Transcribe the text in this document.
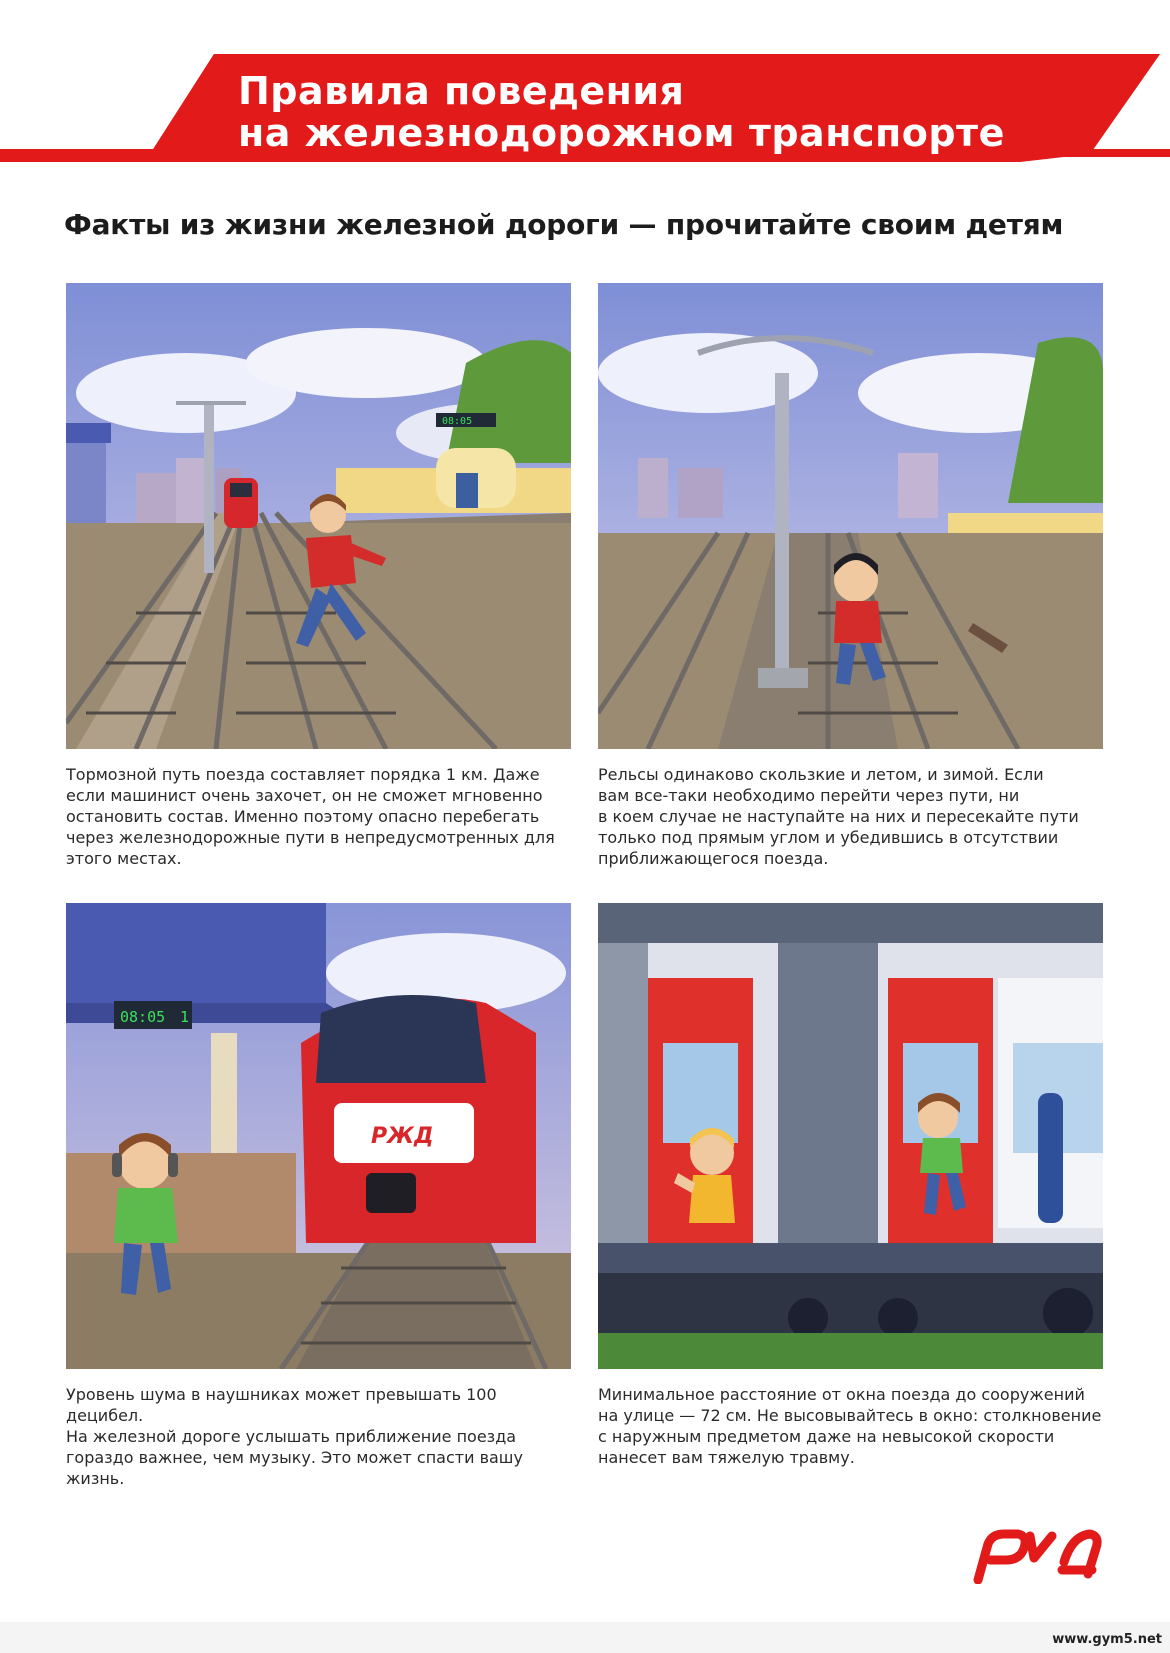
Правила поведения
на железнодорожном транспорте
Факты из жизни железной дороги — прочитайте своим детям
08:05
Тормозной путь поезда составляет порядка 1 км. Даже
если машинист очень захочет, он не сможет мгновенно
остановить состав. Именно поэтому опасно перебегать
через железнодорожные пути в непредусмотренных для
этого местах.
Рельсы одинаково скользкие и летом, и зимой. Если
вам все-таки необходимо перейти через пути, ни
в коем случае не наступайте на них и пересекайте пути
только под прямым углом и убедившись в отсутствии
приближающегося поезда.
08:05 1
РЖД
Уровень шума в наушниках может превышать 100 децибел.
На железной дороге услышать приближение поезда
гораздо важнее, чем музыку. Это может спасти вашу жизнь.
Минимальное расстояние от окна поезда до сооружений
на улице — 72 см. Не высовывайтесь в окно: столкновение
с наружным предметом даже на невысокой скорости
нанесет вам тяжелую травму.
www.gym5.net
